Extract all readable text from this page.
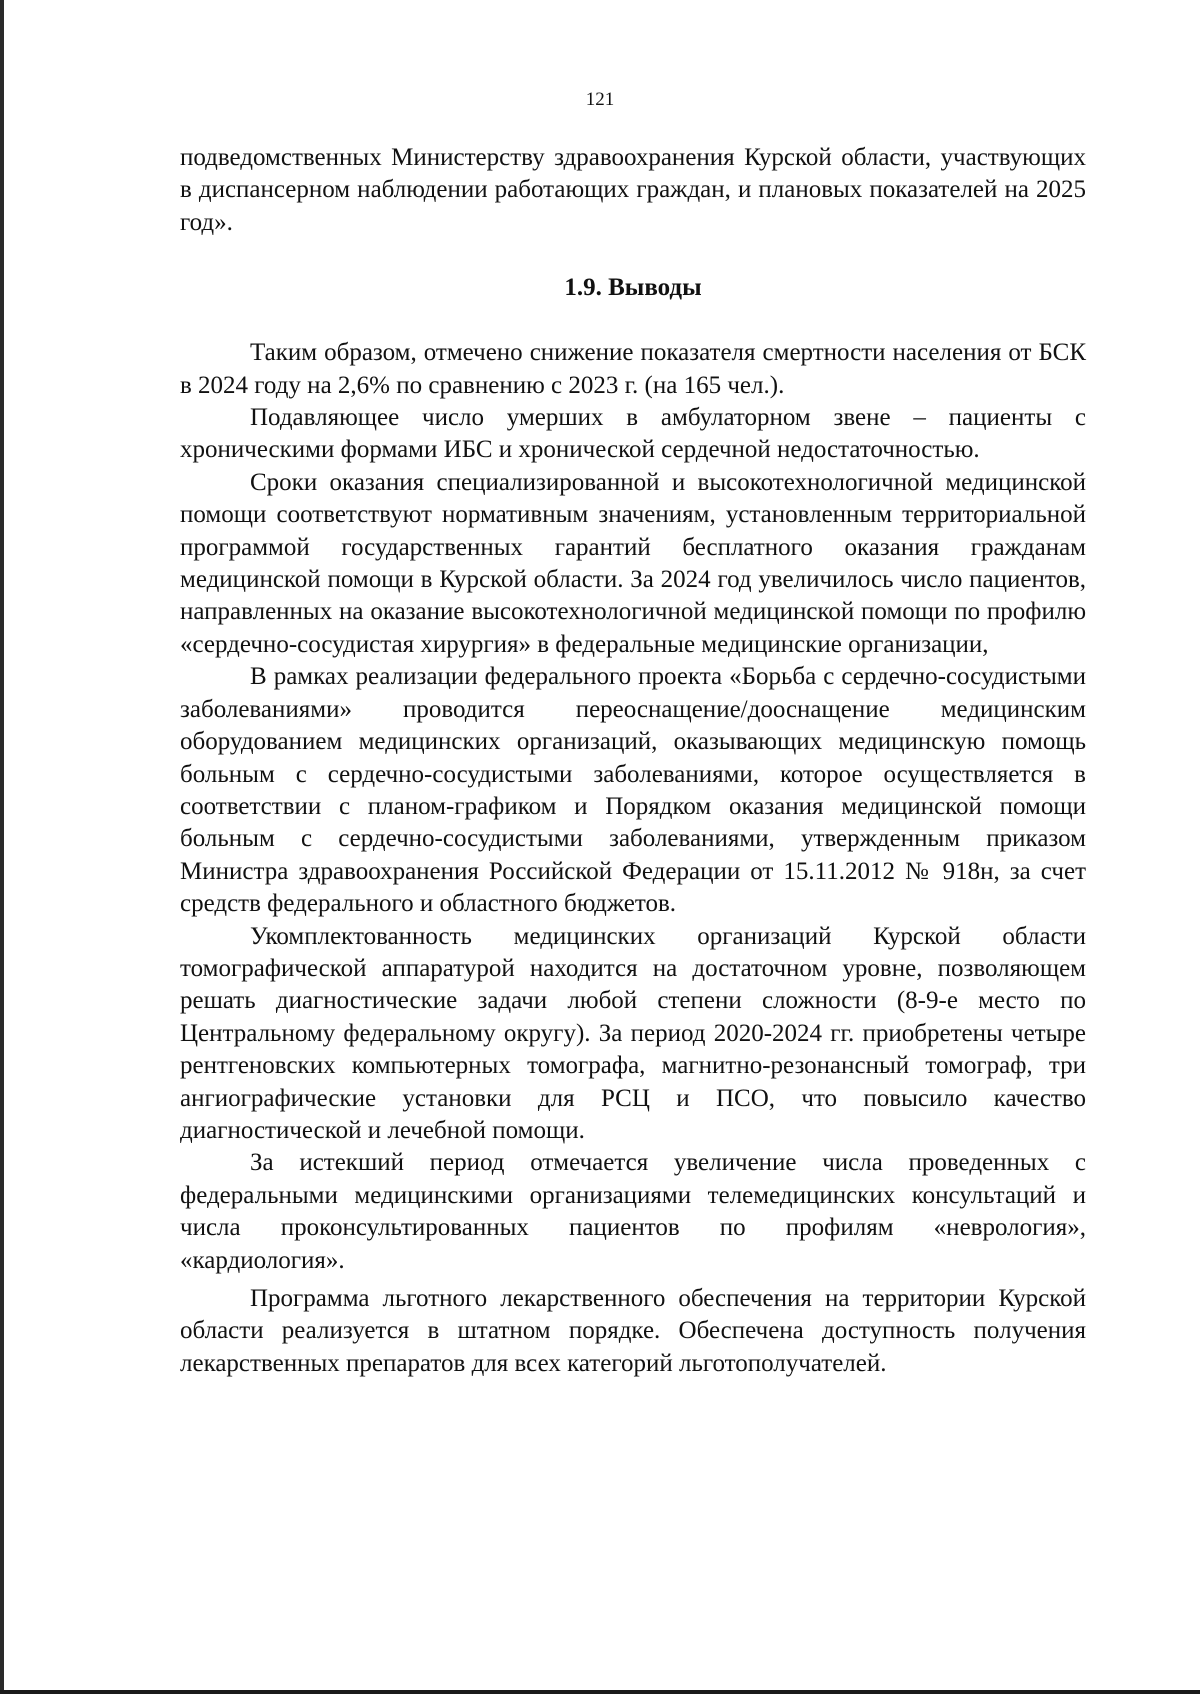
121

подведомственных Министерству здравоохранения Курской области, участвующих в диспансерном наблюдении работающих граждан, и плановых показателей на 2025 год».

1.9. Выводы

Таким образом, отмечено снижение показателя смертности населения от БСК в 2024 году на 2,6% по сравнению с 2023 г. (на 165 чел.).

Подавляющее число умерших в амбулаторном звене – пациенты с хроническими формами ИБС и хронической сердечной недостаточностью.

Сроки оказания специализированной и высокотехнологичной медицинской помощи соответствуют нормативным значениям, установленным территориальной программой государственных гарантий бесплатного оказания гражданам медицинской помощи в Курской области. За 2024 год увеличилось число пациентов, направленных на оказание высокотехнологичной медицинской помощи по профилю «сердечно-сосудистая хирургия» в федеральные медицинские организации,

В рамках реализации федерального проекта «Борьба с сердечно-сосудистыми заболеваниями» проводится переоснащение/дооснащение медицинским оборудованием медицинских организаций, оказывающих медицинскую помощь больным с сердечно-сосудистыми заболеваниями, которое осуществляется в соответствии с планом-графиком и Порядком оказания медицинской помощи больным с сердечно-сосудистыми заболеваниями, утвержденным приказом Министра здравоохранения Российской Федерации от 15.11.2012 № 918н, за счет средств федерального и областного бюджетов.

Укомплектованность медицинских организаций Курской области томографической аппаратурой находится на достаточном уровне, позволяющем решать диагностические задачи любой степени сложности (8-9-е место по Центральному федеральному округу). За период 2020-2024 гг. приобретены четыре рентгеновских компьютерных томографа, магнитно-резонансный томограф, три ангиографические установки для РСЦ и ПСО, что повысило качество диагностической и лечебной помощи.

За истекший период отмечается увеличение числа проведенных с федеральными медицинскими организациями телемедицинских консультаций и числа проконсультированных пациентов по профилям «неврология», «кардиология».

Программа льготного лекарственного обеспечения на территории Курской области реализуется в штатном порядке. Обеспечена доступность получения лекарственных препаратов для всех категорий льготополучателей.
